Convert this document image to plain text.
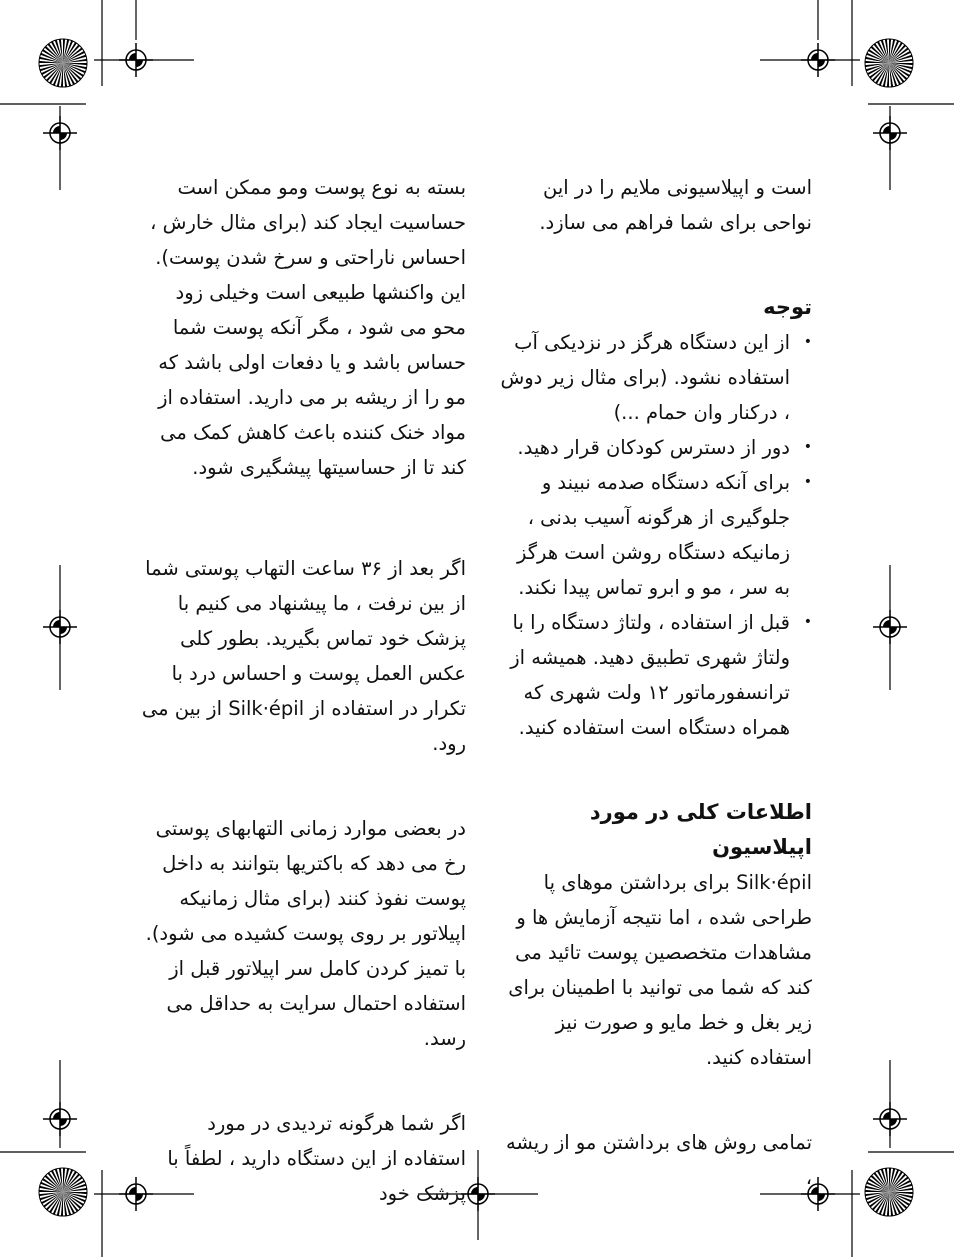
است و اپیلاسیونی ملایم را در این نواحی برای شما فراهم می سازد.

توجه

•
از این دستگاه هرگز در نزدیکی آب استفاده نشود. (برای مثال زیر دوش ، درکنار وان حمام ...)
•
دور از دسترس کودکان قرار دهید.
•
برای آنکه دستگاه صدمه نبیند و جلوگیری از هرگونه آسیب بدنی ، زمانیکه دستگاه روشن است هرگز به سر ، مو و ابرو تماس پیدا نکند.
•
قبل از استفاده ، ولتاژ دستگاه را با ولتاژ شهری تطبیق دهید. همیشه از ترانسفورماتور ۱۲ ولت شهری که همراه دستگاه است استفاده کنید.

اطلاعات کلی در مورد اپیلاسیون

Silk·épil برای برداشتن موهای پا طراحی شده ، اما نتیجه آزمایش ها و مشاهدات متخصصین پوست تائید می کند که شما می توانید با اطمینان برای زیر بغل و خط مایو و صورت نیز استفاده کنید.

تمامی روش های برداشتن مو از ریشه ،

بسته به نوع پوست ومو ممکن است حساسیت ایجاد کند (برای مثال خارش ، احساس ناراحتی و سرخ شدن پوست). این واکنشها طبیعی است وخیلی زود محو می شود ، مگر آنکه پوست شما حساس باشد و یا دفعات اولی باشد که مو را از ریشه بر می دارید. استفاده از مواد خنک کننده باعث کاهش کمک می کند تا از حساسیتها پیشگیری شود.

اگر بعد از ۳۶ ساعت التهاب پوستی شما از بین نرفت ، ما پیشنهاد می کنیم با پزشک خود تماس بگیرید. بطور کلی عکس العمل پوست و احساس درد با تکرار در استفاده از Silk·épil از بین می رود.

در بعضی موارد زمانی التهابهای پوستی رخ می دهد که باکتریها بتوانند به داخل پوست نفوذ کنند (برای مثال زمانیکه اپیلاتور بر روی پوست کشیده می شود). با تمیز کردن کامل سر اپیلاتور قبل از استفاده احتمال سرایت به حداقل می رسد.

اگر شما هرگونه تردیدی در مورد استفاده از این دستگاه دارید ، لطفاً با پزشک خود
